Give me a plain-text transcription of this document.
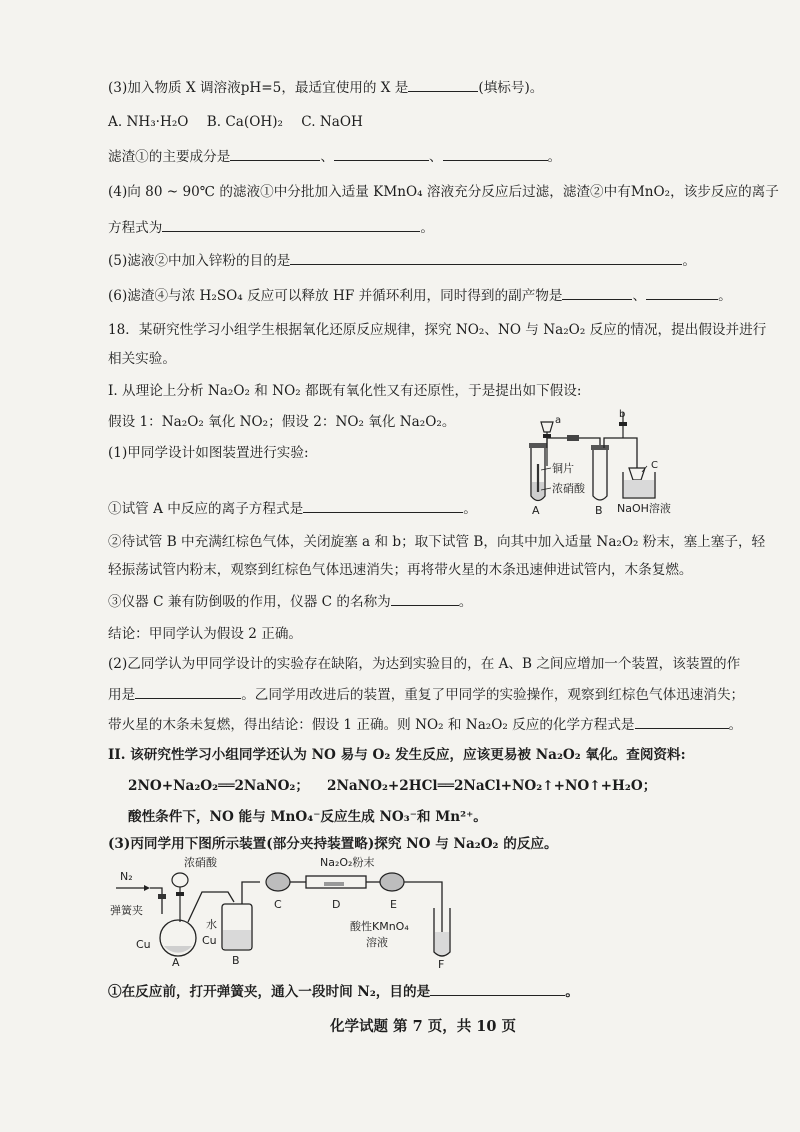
(3)加入物质 X 调溶液pH=5，最适宜使用的 X 是	(填标号)。
A. NH₃·H₂O B. Ca(OH)₂ C. NaOH
滤渣①的主要成分是	、	、	。
(4)向 80 ~ 90℃ 的滤液①中分批加入适量 KMnO₄ 溶液充分反应后过滤，滤渣②中有MnO₂，该步反应的离子
方程式为	。
(5)滤液②中加入锌粉的目的是	。
(6)滤渣④与浓 H₂SO₄ 反应可以释放 HF 并循环利用，同时得到的副产物是	、	。
18．某研究性学习小组学生根据氧化还原反应规律，探究 NO₂、NO 与 Na₂O₂ 反应的情况，提出假设并进行
相关实验。
I. 从理论上分析 Na₂O₂ 和 NO₂ 都既有氧化性又有还原性，于是提出如下假设:
假设 1：Na₂O₂ 氧化 NO₂；假设 2：NO₂ 氧化 Na₂O₂。
(1)甲同学设计如图装置进行实验:
a
b
C
铜片
浓硝酸
A	B NaOH溶液
①试管 A 中反应的离子方程式是	。
②待试管 B 中充满红棕色气体，关闭旋塞 a 和 b；取下试管 B，向其中加入适量 Na₂O₂ 粉末，塞上塞子，轻
轻振荡试管内粉末，观察到红棕色气体迅速消失；再将带火星的木条迅速伸进试管内，木条复燃。
③仪器 C 兼有防倒吸的作用，仪器 C 的名称为	。
结论：甲同学认为假设 2 正确。
(2)乙同学认为甲同学设计的实验存在缺陷，为达到实验目的，在 A、B 之间应增加一个装置，该装置的作
用是	。乙同学用改进后的装置，重复了甲同学的实验操作，观察到红棕色气体迅速消失；
带火星的木条未复燃，得出结论：假设 1 正确。则 NO₂ 和 Na₂O₂ 反应的化学方程式是	。
II. 该研究性学习小组同学还认为 NO 易与 O₂ 发生反应，应该更易被 Na₂O₂ 氧化。查阅资料:
2NO+Na₂O₂══2NaNO₂； 2NaNO₂+2HCl══2NaCl+NO₂↑+NO↑+H₂O；
酸性条件下，NO 能与 MnO₄⁻反应生成 NO₃⁻和 Mn²⁺。
(3)丙同学用下图所示装置(部分夹持装置略)探究 NO 与 Na₂O₂ 的反应。
N₂
弹簧夹
浓硝酸
Cu
A
水
Cu
B
C
Na₂O₂粉末
D	E
酸性KMnO₄
溶液
F
①在反应前，打开弹簧夹，通入一段时间 N₂，目的是	。
化学试题 第 7 页，共 10 页
